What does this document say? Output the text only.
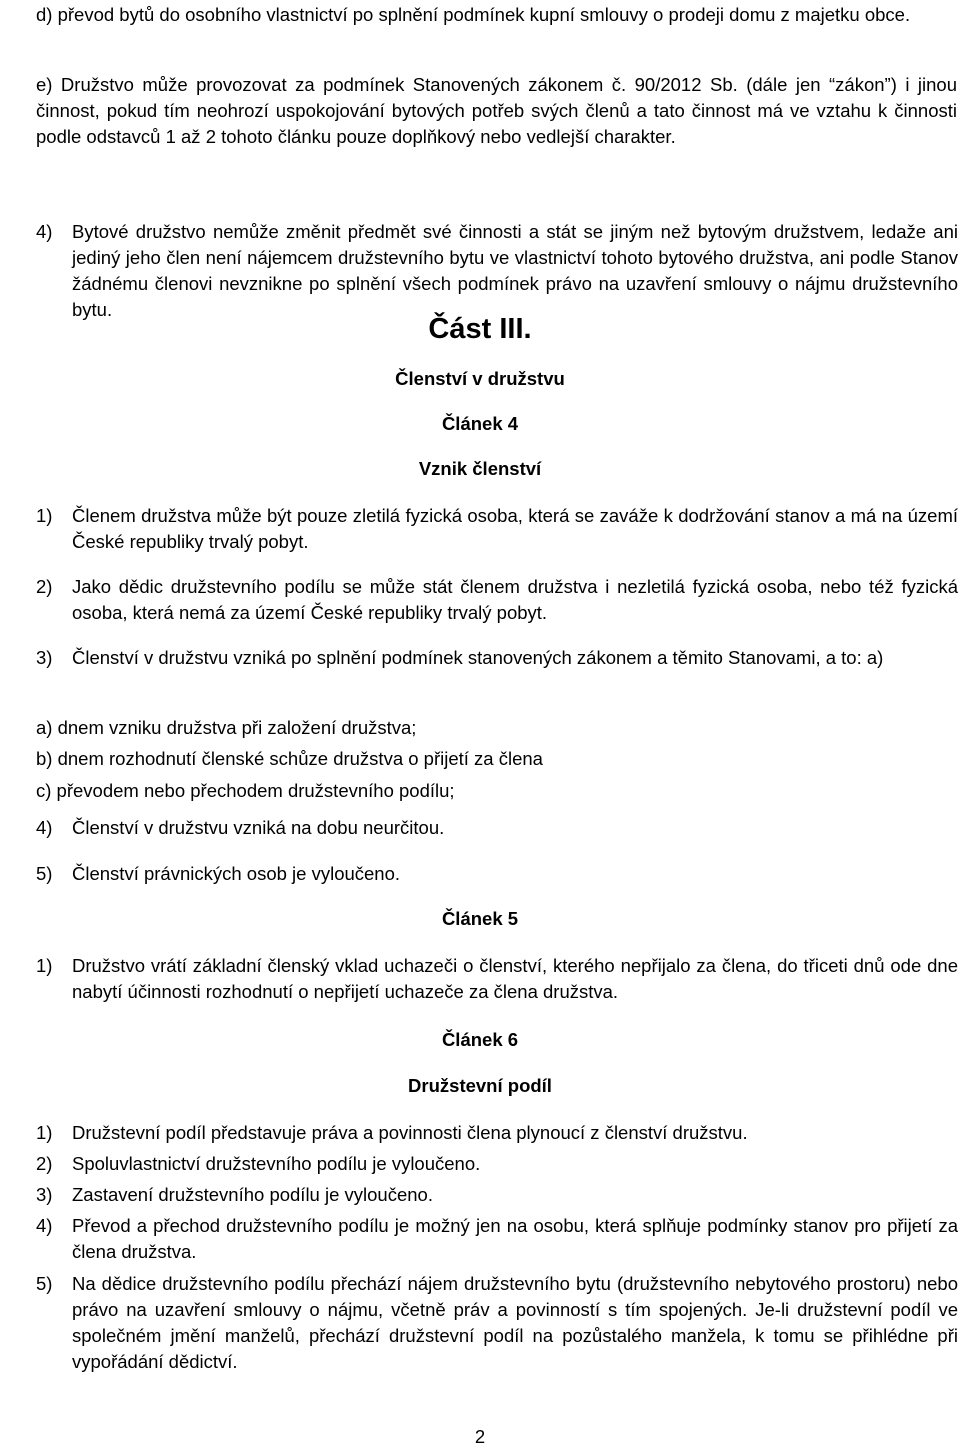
d) převod bytů do osobního vlastnictví po splnění podmínek kupní smlouvy o prodeji domu z majetku obce.
e) Družstvo může provozovat za podmínek Stanovených zákonem č. 90/2012 Sb. (dále jen “zákon”) i jinou činnost, pokud tím neohrozí uspokojování bytových potřeb svých členů a tato činnost má ve vztahu k činnosti podle odstavců 1 až 2 tohoto článku pouze doplňkový nebo vedlejší charakter.
4)	Bytové družstvo nemůže změnit předmět své činnosti a stát se jiným než bytovým družstvem, ledaže ani jediný jeho člen není nájemcem družstevního bytu ve vlastnictví tohoto bytového družstva, ani podle Stanov žádnému členovi nevznikne po splnění všech podmínek právo na uzavření smlouvy o nájmu družstevního bytu.
Část III.
Členství v družstvu
Článek 4
Vznik členství
1)	Členem družstva může být pouze zletilá fyzická osoba, která se zaváže k dodržování stanov a má na území České republiky trvalý pobyt.
2)	Jako dědic družstevního podílu se může stát členem družstva i nezletilá fyzická osoba, nebo též fyzická osoba, která nemá za území České republiky trvalý pobyt.
3)	Členství v družstvu vzniká po splnění podmínek stanovených zákonem a těmito Stanovami, a to: a)
a) dnem vzniku družstva při založení družstva;
b) dnem rozhodnutí členské schůze družstva o přijetí za člena
c) převodem nebo přechodem družstevního podílu;
4)	Členství v družstvu vzniká na dobu neurčitou.
5)	Členství právnických osob je vyloučeno.
Článek 5
1)	Družstvo vrátí základní členský vklad uchazeči o členství, kterého nepřijalo za člena, do třiceti dnů ode dne nabytí účinnosti rozhodnutí o nepřijetí uchazeče za člena družstva.
Článek 6
Družstevní podíl
1)	Družstevní podíl představuje práva a povinnosti člena plynoucí z členství družstvu.
2)	Spoluvlastnictví družstevního podílu je vyloučeno.
3)	Zastavení družstevního podílu je vyloučeno.
4)	Převod a přechod družstevního podílu je možný jen na osobu, která splňuje podmínky stanov pro přijetí za člena družstva.
5)	Na dědice družstevního podílu přechází nájem družstevního bytu (družstevního nebytového prostoru) nebo právo na uzavření smlouvy o nájmu, včetně práv a povinností s tím spojených. Je-li družstevní podíl ve společném jmění manželů, přechází družstevní podíl na pozůstalého manžela, k tomu se přihlédne při vypořádání dědictví.
2
